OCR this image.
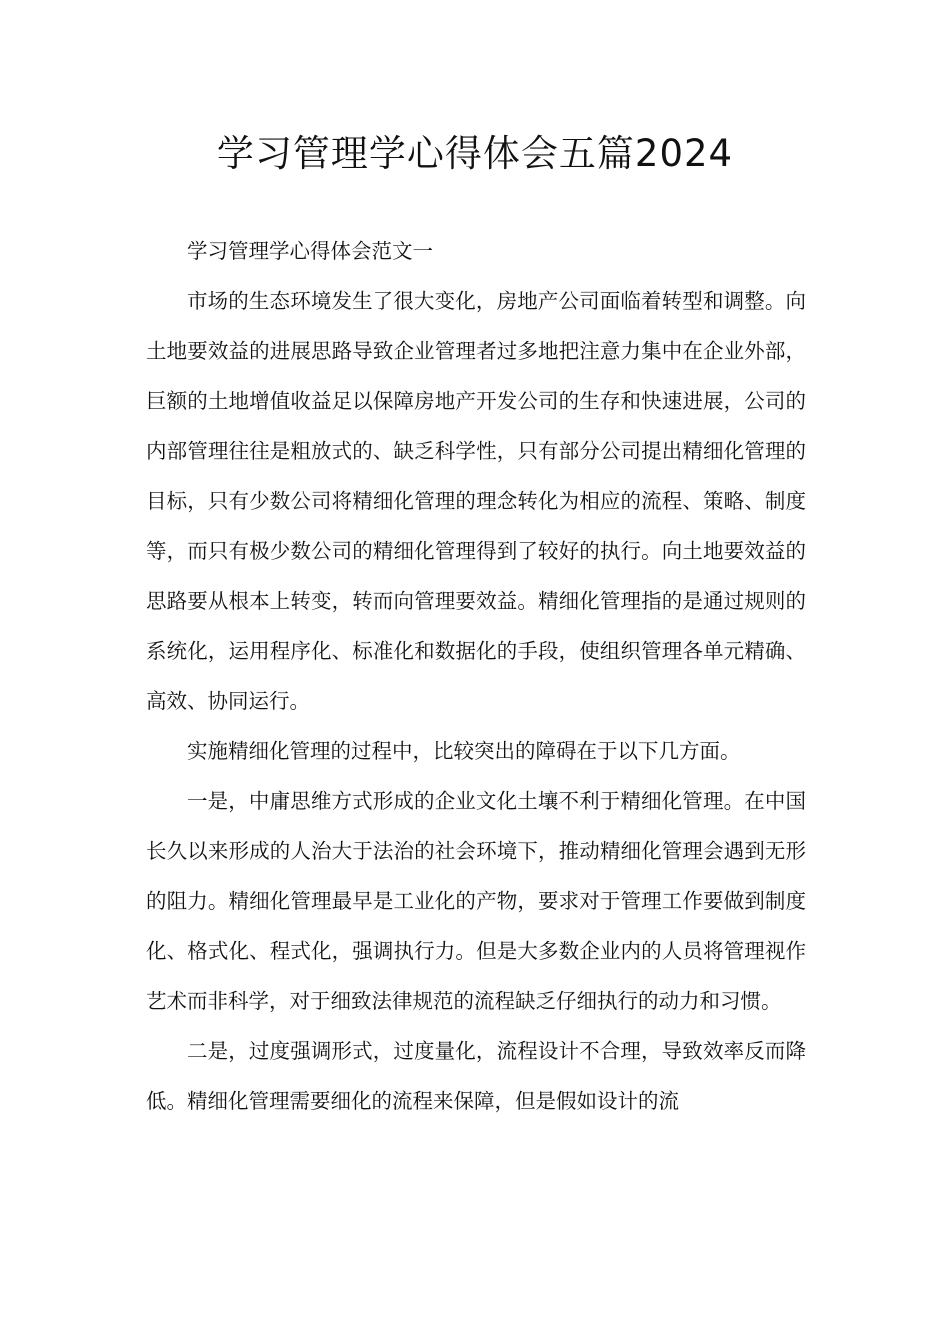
学习管理学心得体会五篇2024

学习管理学心得体会范文一

市场的生态环境发生了很大变化，房地产公司面临着转型和调整。向土地要效益的进展思路导致企业管理者过多地把注意力集中在企业外部，巨额的土地增值收益足以保障房地产开发公司的生存和快速进展，公司的内部管理往往是粗放式的、缺乏科学性，只有部分公司提出精细化管理的目标，只有少数公司将精细化管理的理念转化为相应的流程、策略、制度等，而只有极少数公司的精细化管理得到了较好的执行。向土地要效益的思路要从根本上转变，转而向管理要效益。精细化管理指的是通过规则的系统化，运用程序化、标准化和数据化的手段，使组织管理各单元精确、高效、协同运行。

实施精细化管理的过程中，比较突出的障碍在于以下几方面。

一是，中庸思维方式形成的企业文化土壤不利于精细化管理。在中国长久以来形成的人治大于法治的社会环境下，推动精细化管理会遇到无形的阻力。精细化管理最早是工业化的产物，要求对于管理工作要做到制度化、格式化、程式化，强调执行力。但是大多数企业内的人员将管理视作艺术而非科学，对于细致法律规范的流程缺乏仔细执行的动力和习惯。

二是，过度强调形式，过度量化，流程设计不合理，导致效率反而降低。精细化管理需要细化的流程来保障，但是假如设计的流
